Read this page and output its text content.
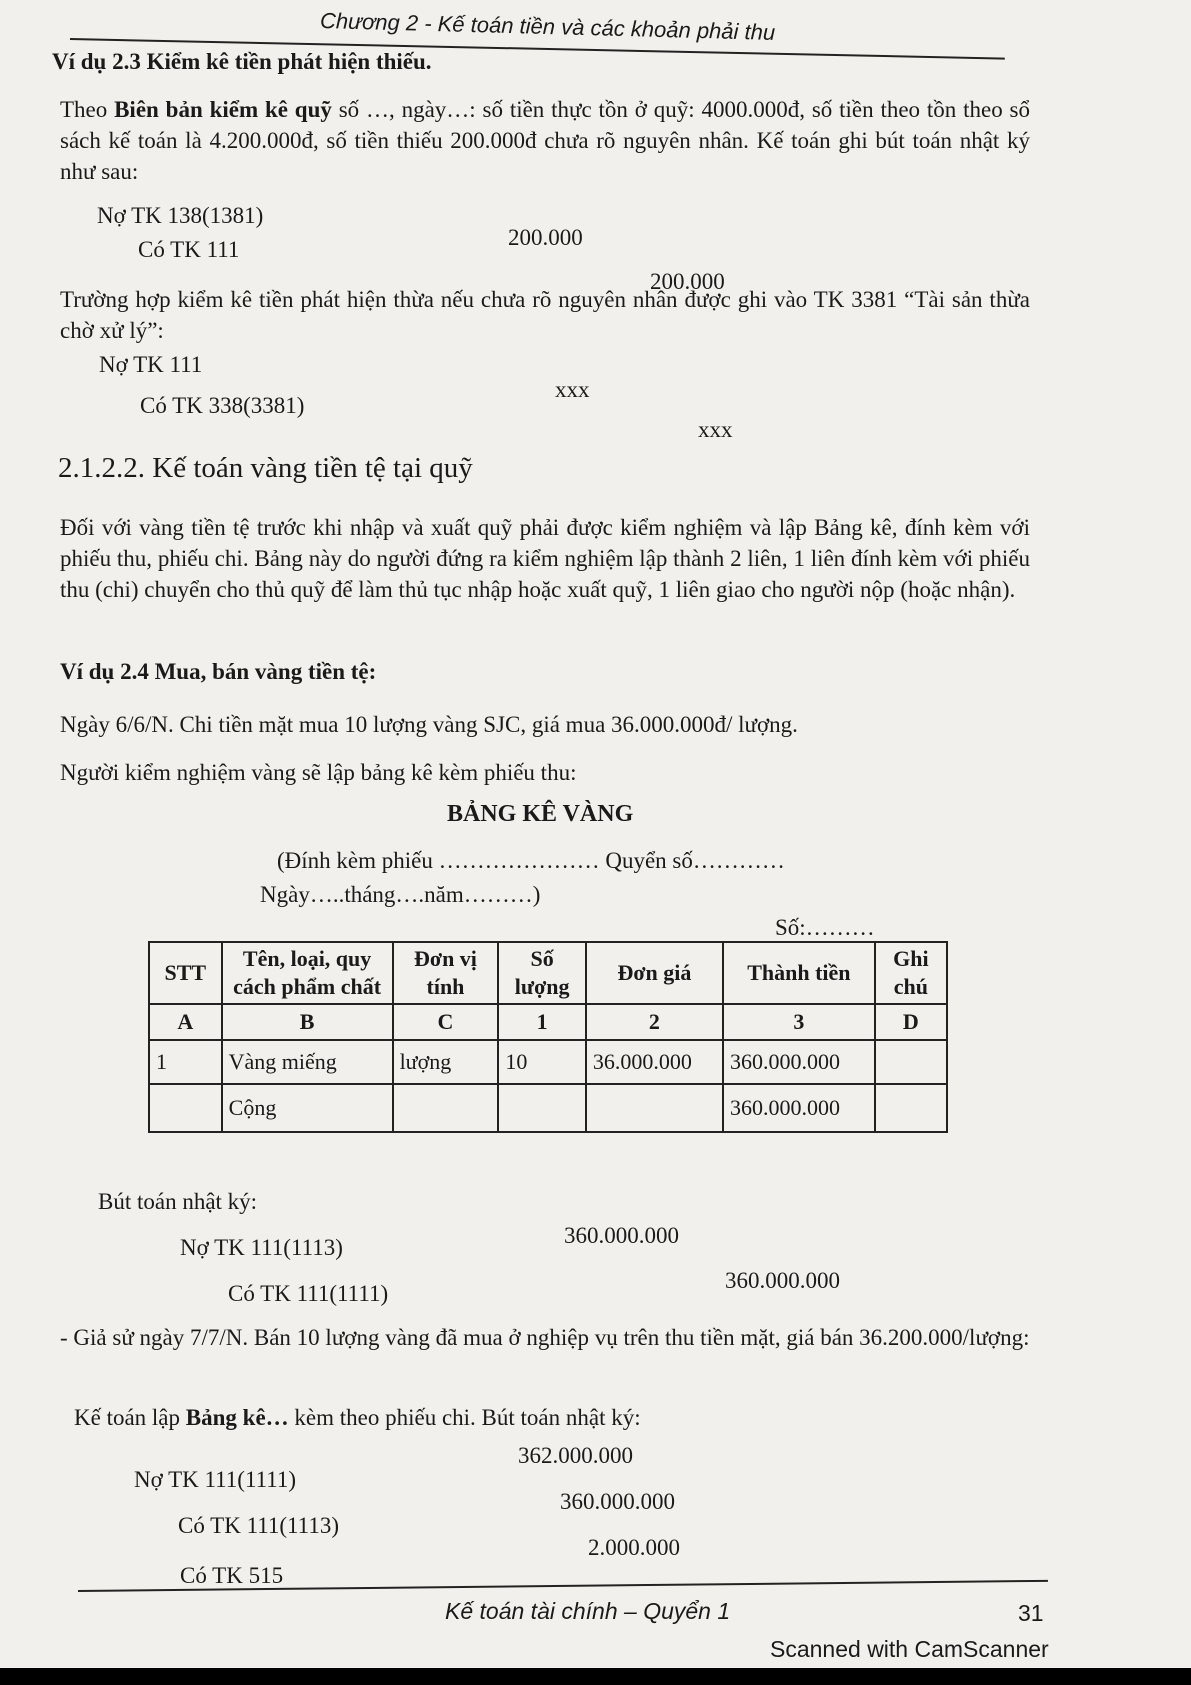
Chương 2 - Kế toán tiền và các khoản phải thu
Ví dụ 2.3 Kiểm kê tiền phát hiện thiếu.
Theo Biên bản kiểm kê quỹ số …, ngày…: số tiền thực tồn ở quỹ: 4000.000đ, số tiền theo tồn theo sổ sách kế toán là 4.200.000đ, số tiền thiếu 200.000đ chưa rõ nguyên nhân. Kế toán ghi bút toán nhật ký như sau:
Nợ TK 138(1381)
200.000
Có TK 111
200.000
Trường hợp kiểm kê tiền phát hiện thừa nếu chưa rõ nguyên nhân được ghi vào TK 3381 “Tài sản thừa chờ xử lý”:
Nợ TK 111
xxx
Có TK 338(3381)
xxx
2.1.2.2. Kế toán vàng tiền tệ tại quỹ
Đối với vàng tiền tệ trước khi nhập và xuất quỹ phải được kiểm nghiệm và lập Bảng kê, đính kèm với phiếu thu, phiếu chi. Bảng này do người đứng ra kiểm nghiệm lập thành 2 liên, 1 liên đính kèm với phiếu thu (chi) chuyển cho thủ quỹ để làm thủ tục nhập hoặc xuất quỹ, 1 liên giao cho người nộp (hoặc nhận).
Ví dụ 2.4 Mua, bán vàng tiền tệ:
Ngày 6/6/N. Chi tiền mặt mua 10 lượng vàng SJC, giá mua 36.000.000đ/ lượng.
Người kiểm nghiệm vàng sẽ lập bảng kê kèm phiếu thu:
BẢNG KÊ VÀNG
(Đính kèm phiếu ………………… Quyển số…………
Ngày…..tháng….năm………)
Số:………
STT	Tên, loại, quy cách phẩm chất	Đơn vị tính	Số lượng	Đơn giá	Thành tiền	Ghi chú
A	B	C	1	2	3	D
1	Vàng miếng	lượng	10	36.000.000	360.000.000	
	Cộng				360.000.000	
Bút toán nhật ký:
Nợ TK 111(1113)	360.000.000
Có TK 111(1111)
360.000.000
- Giả sử ngày 7/7/N. Bán 10 lượng vàng đã mua ở nghiệp vụ trên thu tiền mặt, giá bán 36.200.000/lượng:
Kế toán lập Bảng kê… kèm theo phiếu chi. Bút toán nhật ký:
Nợ TK 111(1111)
362.000.000
Có TK 111(1113)
360.000.000
Có TK 515
2.000.000
Kế toán tài chính – Quyển 1	31
Scanned with CamScanner
